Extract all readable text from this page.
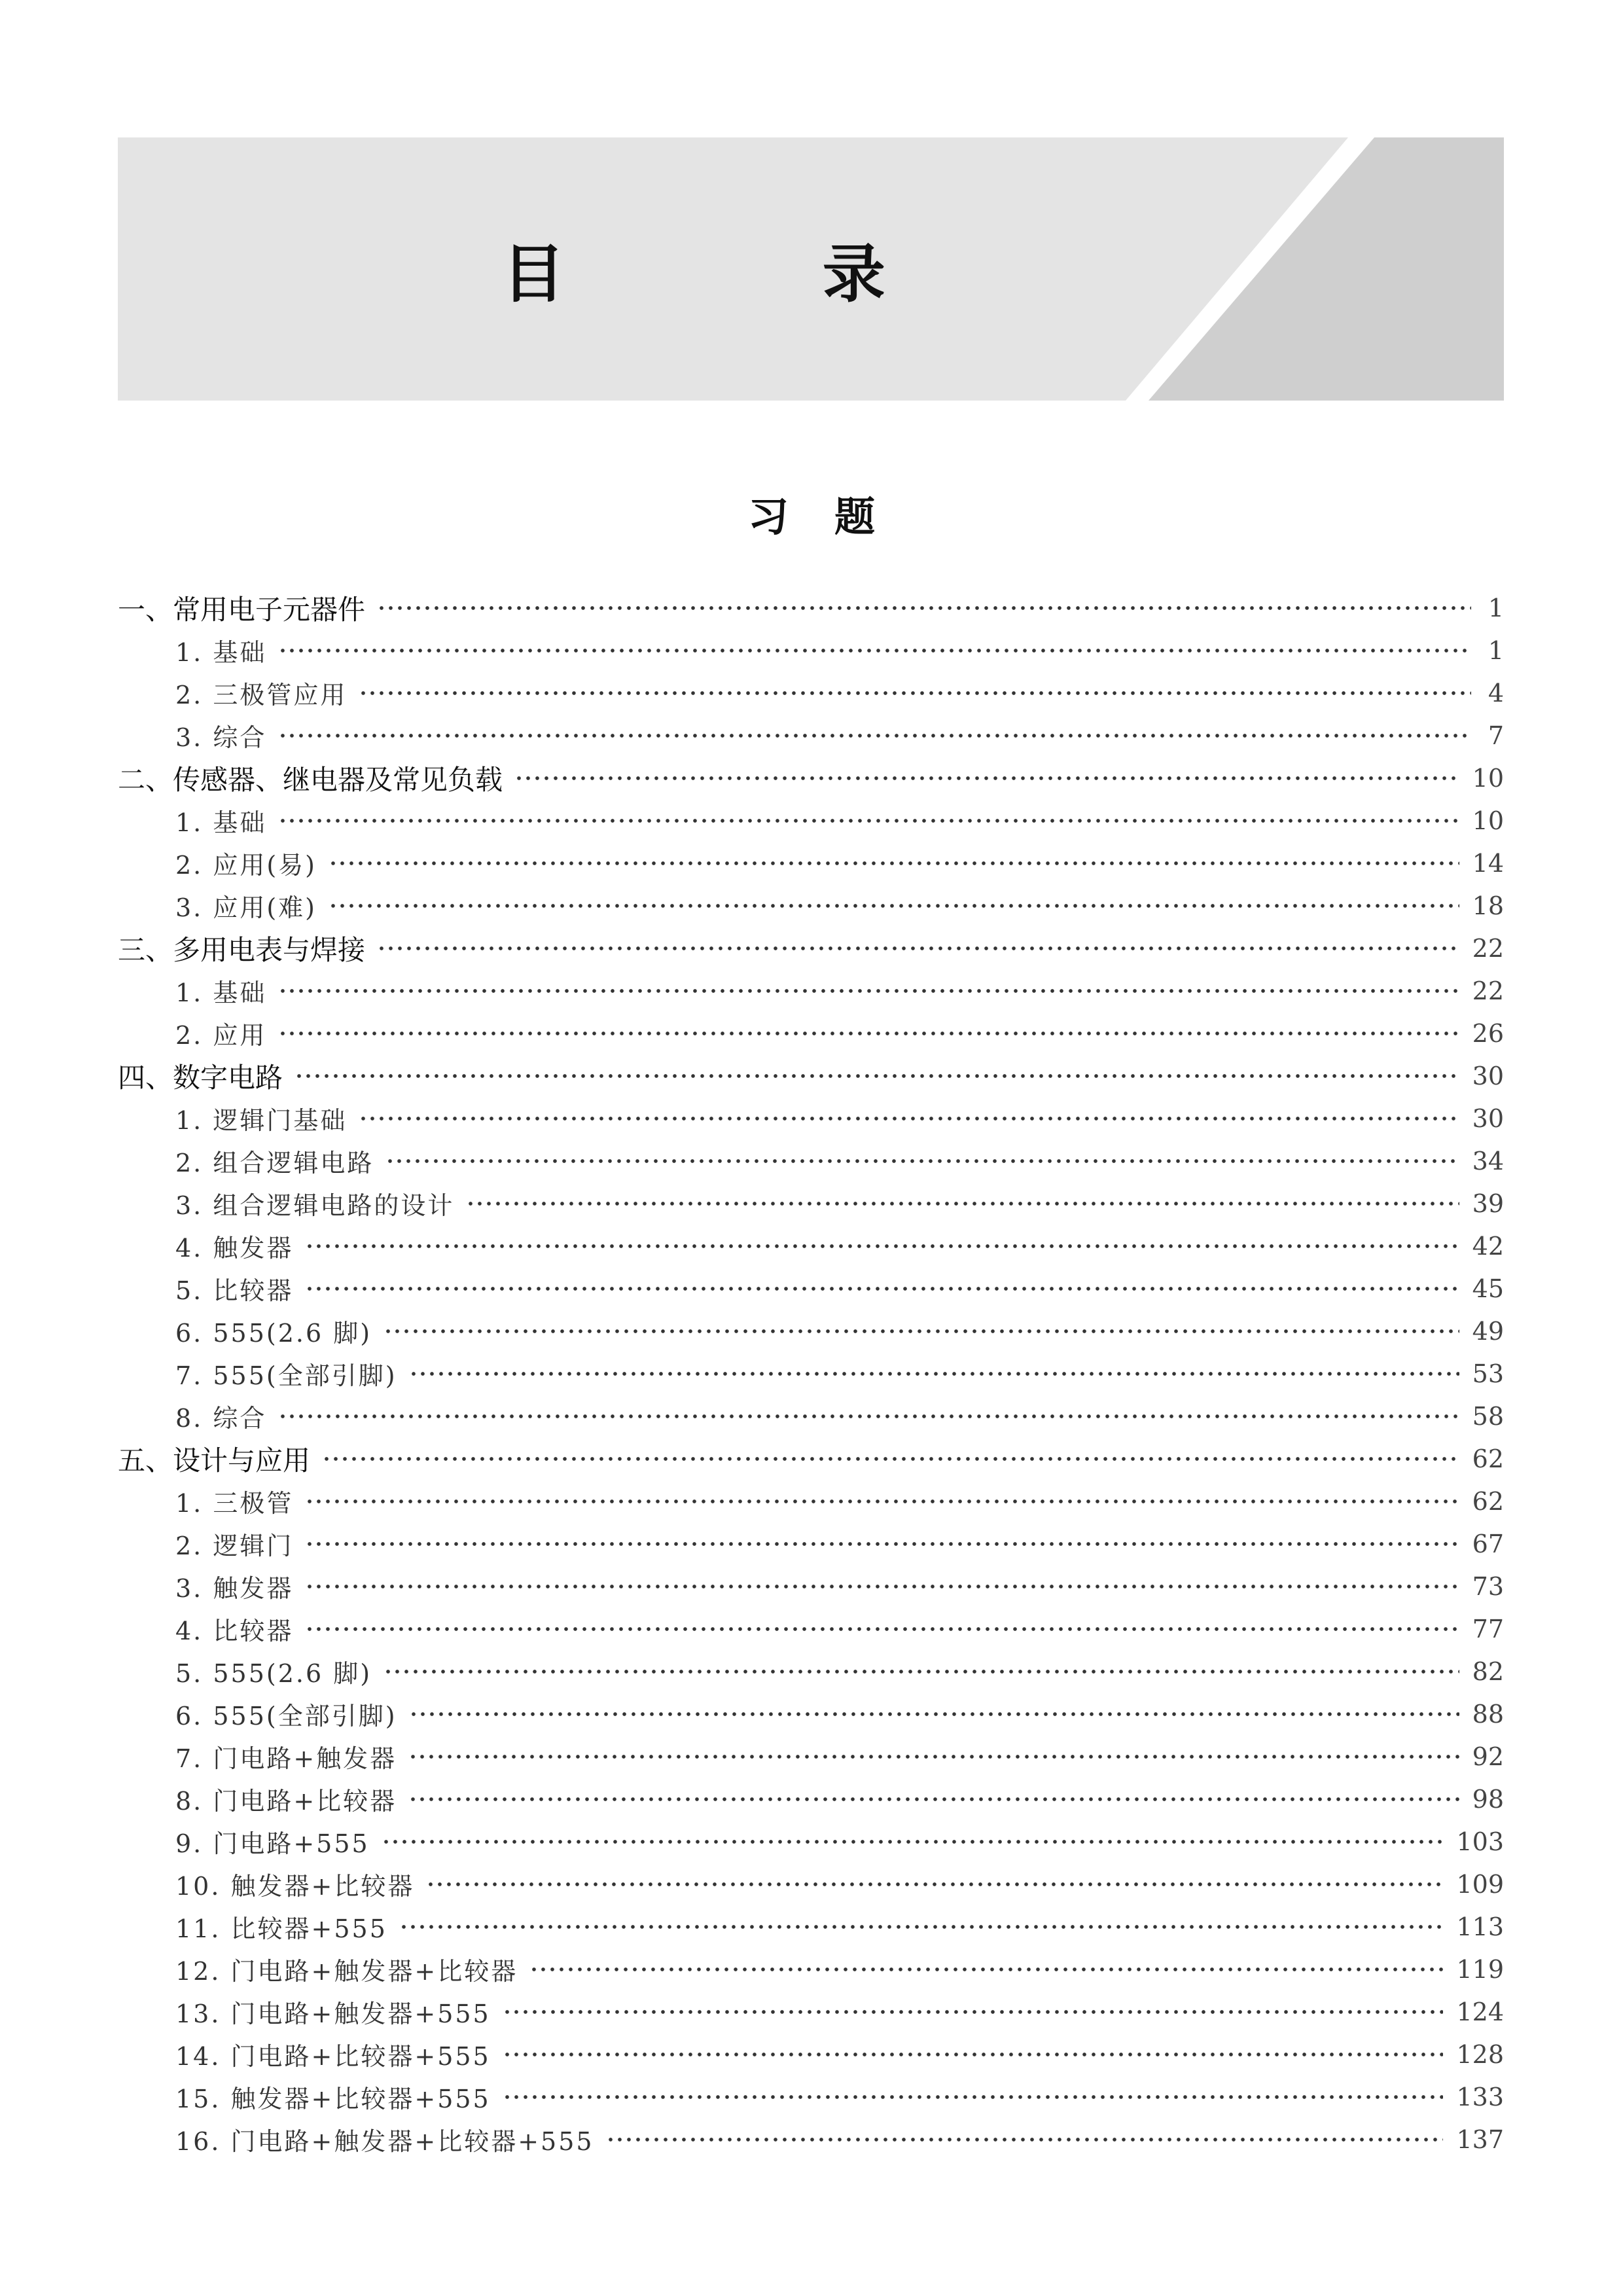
目 录
习题
一、常用电子元器件	1
1. 基础	1
2. 三极管应用	4
3. 综合	7
二、传感器、继电器及常见负载	10
1. 基础	10
2. 应用(易)	14
3. 应用(难)	18
三、多用电表与焊接	22
1. 基础	22
2. 应用	26
四、数字电路	30
1. 逻辑门基础	30
2. 组合逻辑电路	34
3. 组合逻辑电路的设计	39
4. 触发器	42
5. 比较器	45
6. 555(2.6 脚)	49
7. 555(全部引脚)	53
8. 综合	58
五、设计与应用	62
1. 三极管	62
2. 逻辑门	67
3. 触发器	73
4. 比较器	77
5. 555(2.6 脚)	82
6. 555(全部引脚)	88
7. 门电路+触发器	92
8. 门电路+比较器	98
9. 门电路+555	103
10. 触发器+比较器	109
11. 比较器+555	113
12. 门电路+触发器+比较器	119
13. 门电路+触发器+555	124
14. 门电路+比较器+555	128
15. 触发器+比较器+555	133
16. 门电路+触发器+比较器+555	137
